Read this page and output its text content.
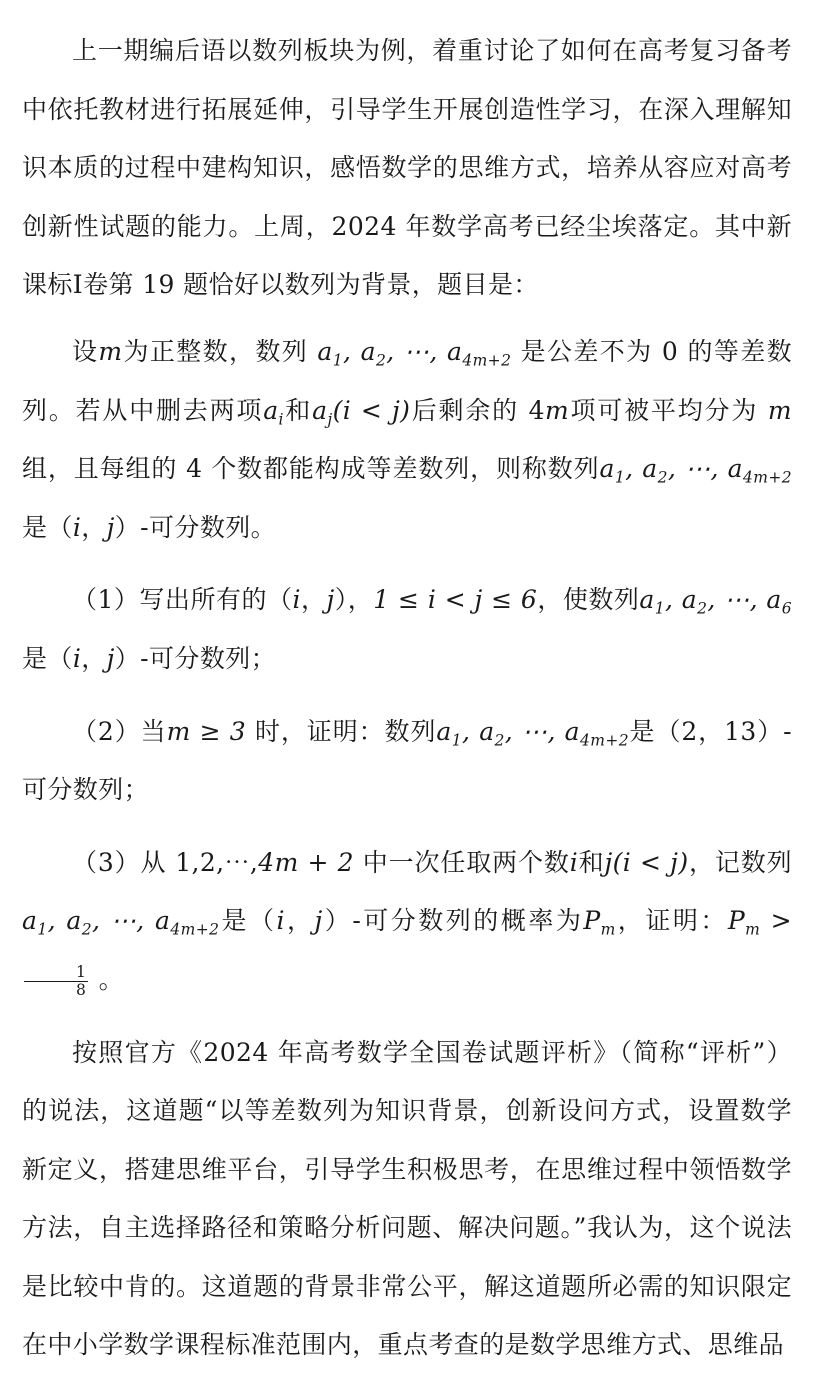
上一期编后语以数列板块为例，着重讨论了如何在高考复习备考中依托教材进行拓展延伸，引导学生开展创造性学习，在深入理解知识本质的过程中建构知识，感悟数学的思维方式，培养从容应对高考创新性试题的能力。上周，2024 年数学高考已经尘埃落定。其中新课标I卷第 19 题恰好以数列为背景，题目是：

设m为正整数，数列 $a_1$, $a_2$, ⋯, $a_{4m+2}$ 是公差不为 0 的等差数列。若从中删去两项$a_i$和$a_j(i < j)$后剩余的 4m项可被平均分为 m 组，且每组的 4 个数都能构成等差数列，则称数列$a_1$, $a_2$, ⋯, $a_{4m+2}$是（i，j）-可分数列。

（1）写出所有的（i，j），1 ≤ i < j ≤ 6，使数列$a_1$, $a_2$, ⋯, $a_6$是（i，j）-可分数列；

（2）当m ≥ 3 时，证明：数列$a_1$, $a_2$, ⋯, $a_{4m+2}$是（2，13）-可分数列；

（3）从 1,2,⋯,4m + 2 中一次任取两个数i和j(i < j)，记数列$a_1$, $a_2$, ⋯, $a_{4m+2}$是（i，j）-可分数列的概率为$P_m$，证明：$P_m$ >
$\frac{1}{8}$ 。

按照官方《2024 年高考数学全国卷试题评析》（简称“评析”）的说法，这道题“以等差数列为知识背景，创新设问方式，设置数学新定义，搭建思维平台，引导学生积极思考，在思维过程中领悟数学方法，自主选择路径和策略分析问题、解决问题。”我认为，这个说法是比较中肯的。这道题的背景非常公平，解这道题所必需的知识限定在中小学数学课程标准范围内，重点考查的是数学思维方式、思维品
